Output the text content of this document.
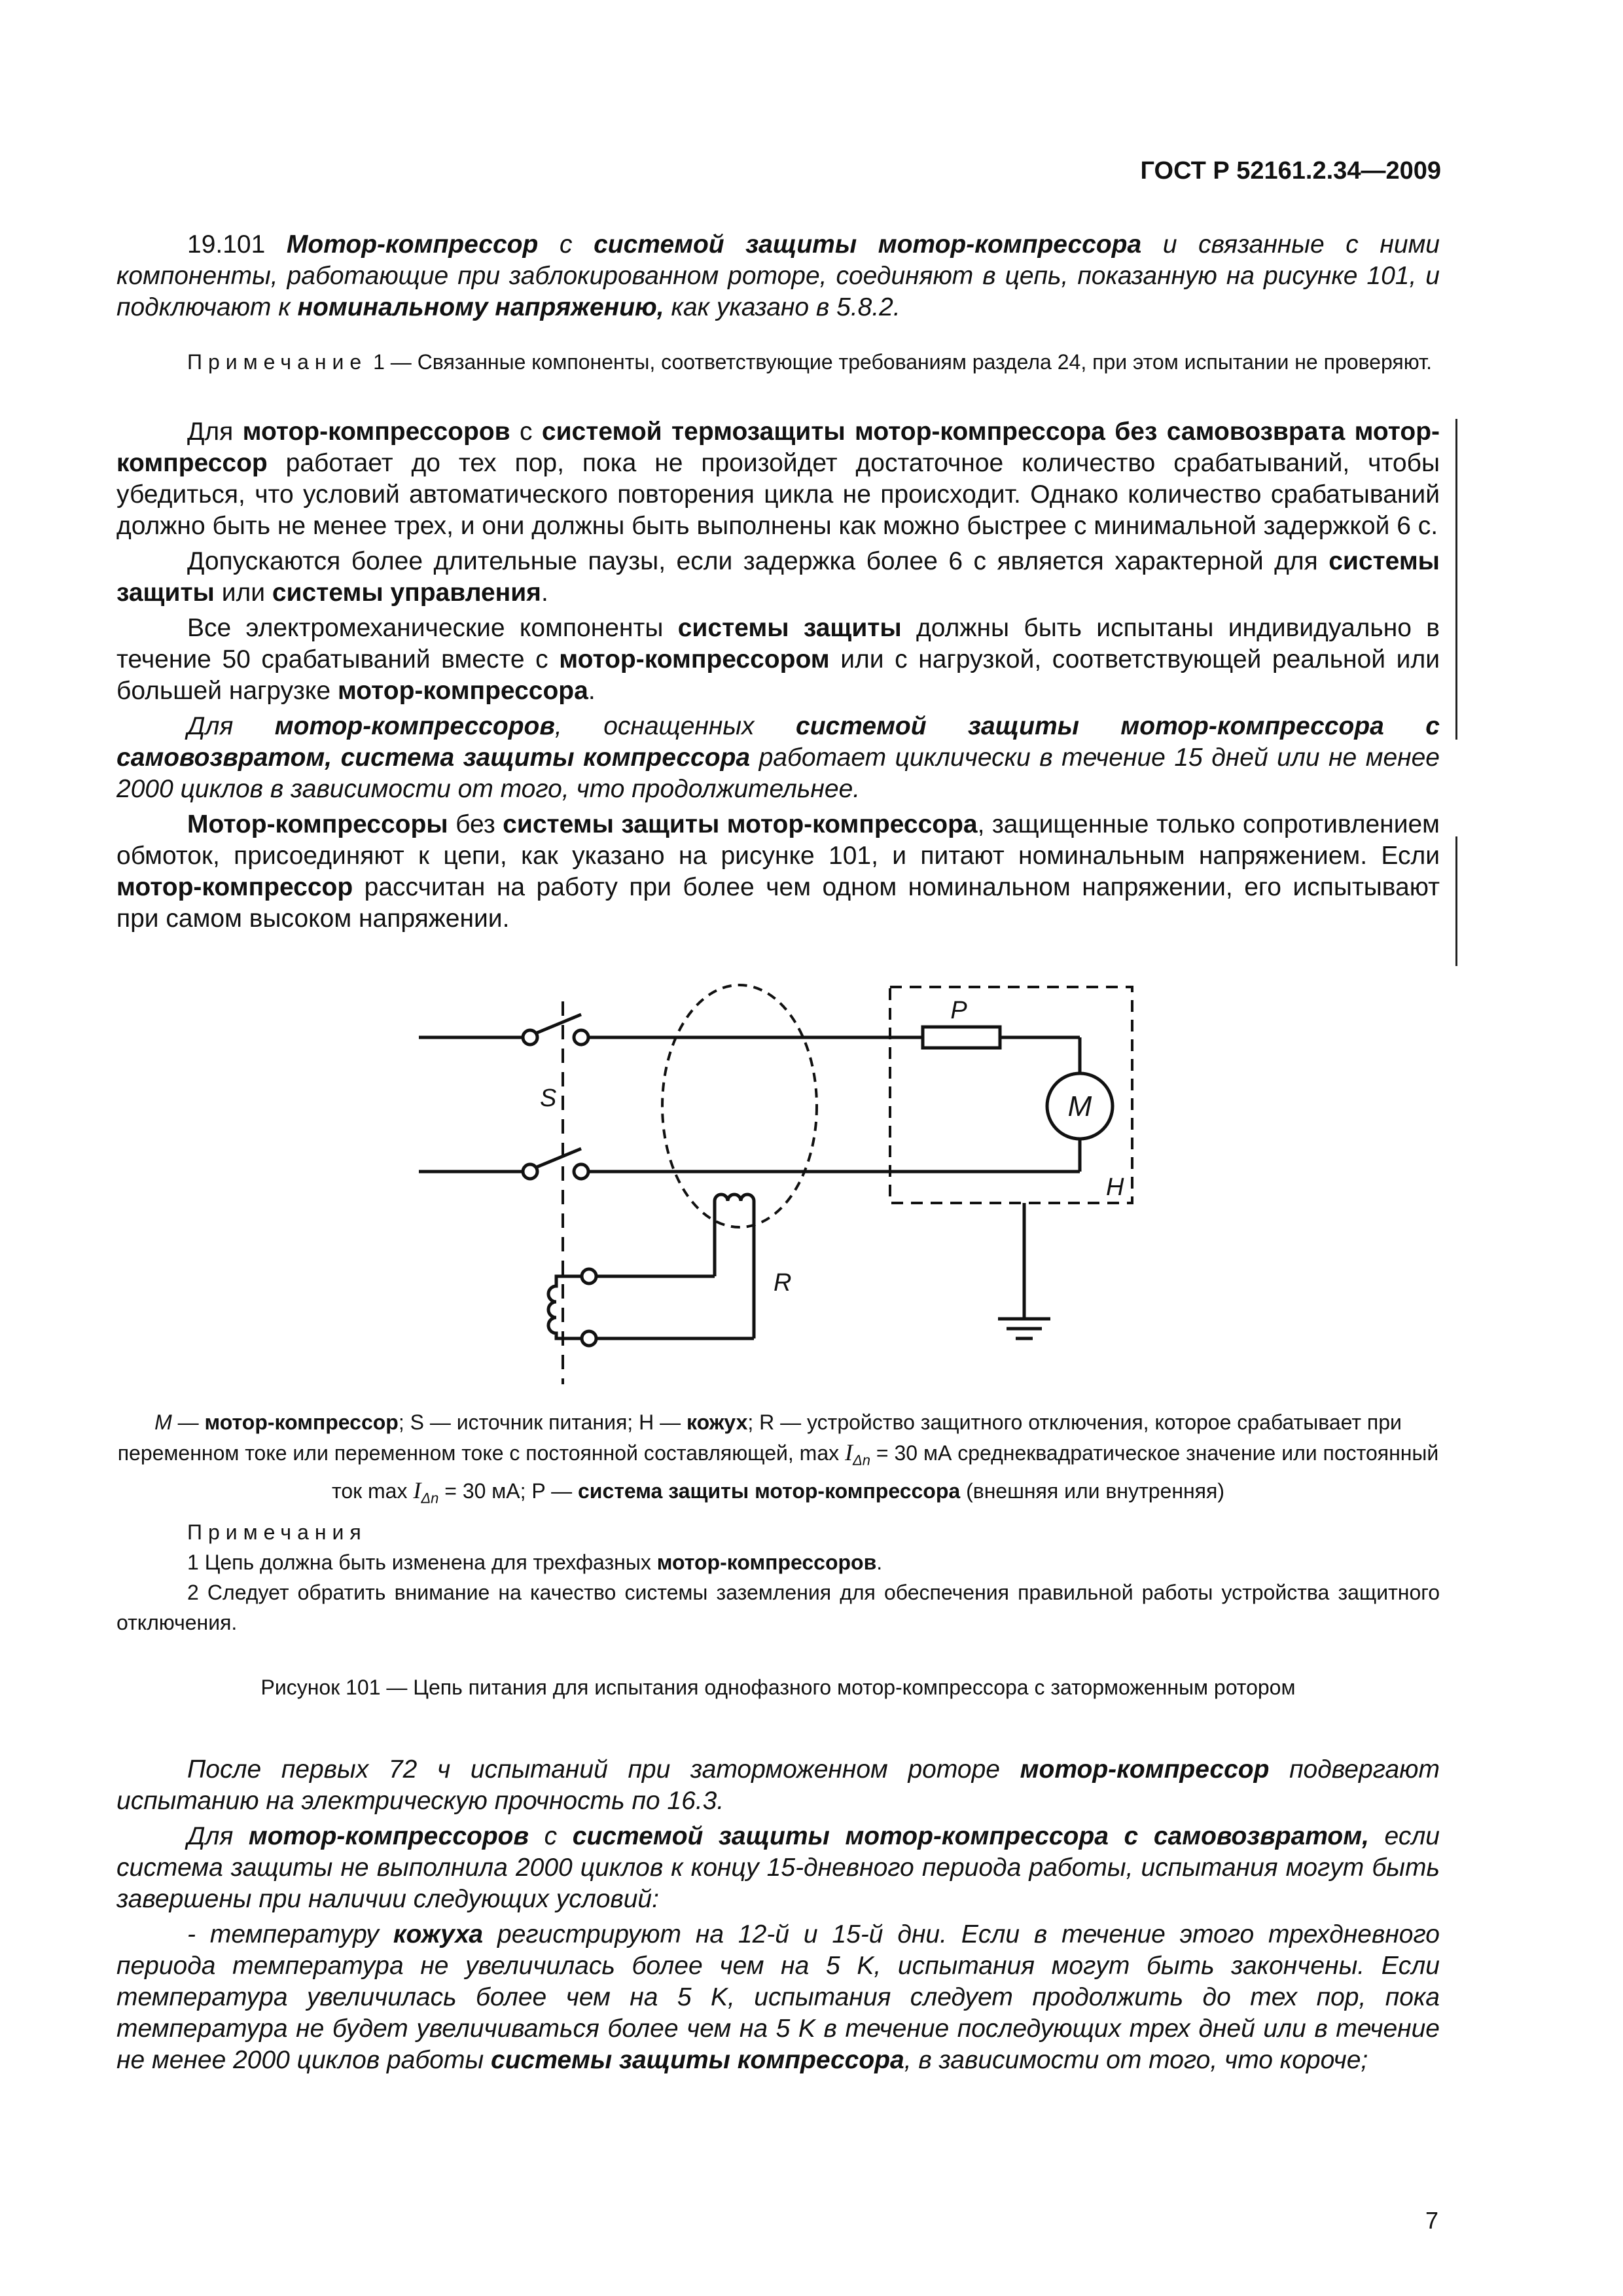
ГОСТ Р 52161.2.34—2009

19.101 Мотор-компрессор с системой защиты мотор-компрессора и связанные с ними компоненты, работающие при заблокированном роторе, соединяют в цепь, показанную на рисунке 101, и подключают к номинальному напряжению, как указано в 5.8.2.

Примечание 1 — Связанные компоненты, соответствующие требованиям раздела 24, при этом испытании не проверяют.

Для мотор-компрессоров с системой термозащиты мотор-компрессора без самовозврата мотор-компрессор работает до тех пор, пока не произойдет достаточное количество срабатываний, чтобы убедиться, что условий автоматического повторения цикла не происходит. Однако количество срабатываний должно быть не менее трех, и они должны быть выполнены как можно быстрее с минимальной задержкой 6 с.

Допускаются более длительные паузы, если задержка более 6 с является характерной для системы защиты или системы управления.

Все электромеханические компоненты системы защиты должны быть испытаны индивидуально в течение 50 срабатываний вместе с мотор-компрессором или с нагрузкой, соответствующей реальной или большей нагрузке мотор-компрессора.

Для мотор-компрессоров, оснащенных системой защиты мотор-компрессора с самовозвратом, система защиты компрессора работает циклически в течение 15 дней или не менее 2000 циклов в зависимости от того, что продолжительнее.

Мотор-компрессоры без системы защиты мотор-компрессора, защищенные только сопротивлением обмоток, присоединяют к цепи, как указано на рисунке 101, и питают номинальным напряжением. Если мотор-компрессор рассчитан на работу при более чем одном номинальном напряжении, его испытывают при самом высоком напряжении.

P
M
S
H
R
M — мотор-компрессор; S — источник питания; H — кожух; R — устройство защитного отключения, которое срабатывает при переменном токе или переменном токе с постоянной составляющей, $\max I_{\Delta n} = 30$ мА среднеквадратическое значение или постоянный ток $\max I_{\Delta n} = 30$ мА; P — система защиты мотор-компрессора (внешняя или внутренняя)

Примечания

1 Цепь должна быть изменена для трехфазных мотор-компрессоров.

2 Следует обратить внимание на качество системы заземления для обеспечения правильной работы устройства защитного отключения.

Рисунок 101 — Цепь питания для испытания однофазного мотор-компрессора с заторможенным ротором

После первых 72 ч испытаний при заторможенном роторе мотор-компрессор подвергают испытанию на электрическую прочность по 16.3.

Для мотор-компрессоров с системой защиты мотор-компрессора с самовозвратом, если система защиты не выполнила 2000 циклов к концу 15-дневного периода работы, испытания могут быть завершены при наличии следующих условий:

- температуру кожуха регистрируют на 12-й и 15-й дни. Если в течение этого трехдневного периода температура не увеличилась более чем на 5 K, испытания могут быть закончены. Если температура увеличилась более чем на 5 K, испытания следует продолжить до тех пор, пока температура не будет увеличиваться более чем на 5 K в течение последующих трех дней или в течение не менее 2000 циклов работы системы защиты компрессора, в зависимости от того, что короче;

7
